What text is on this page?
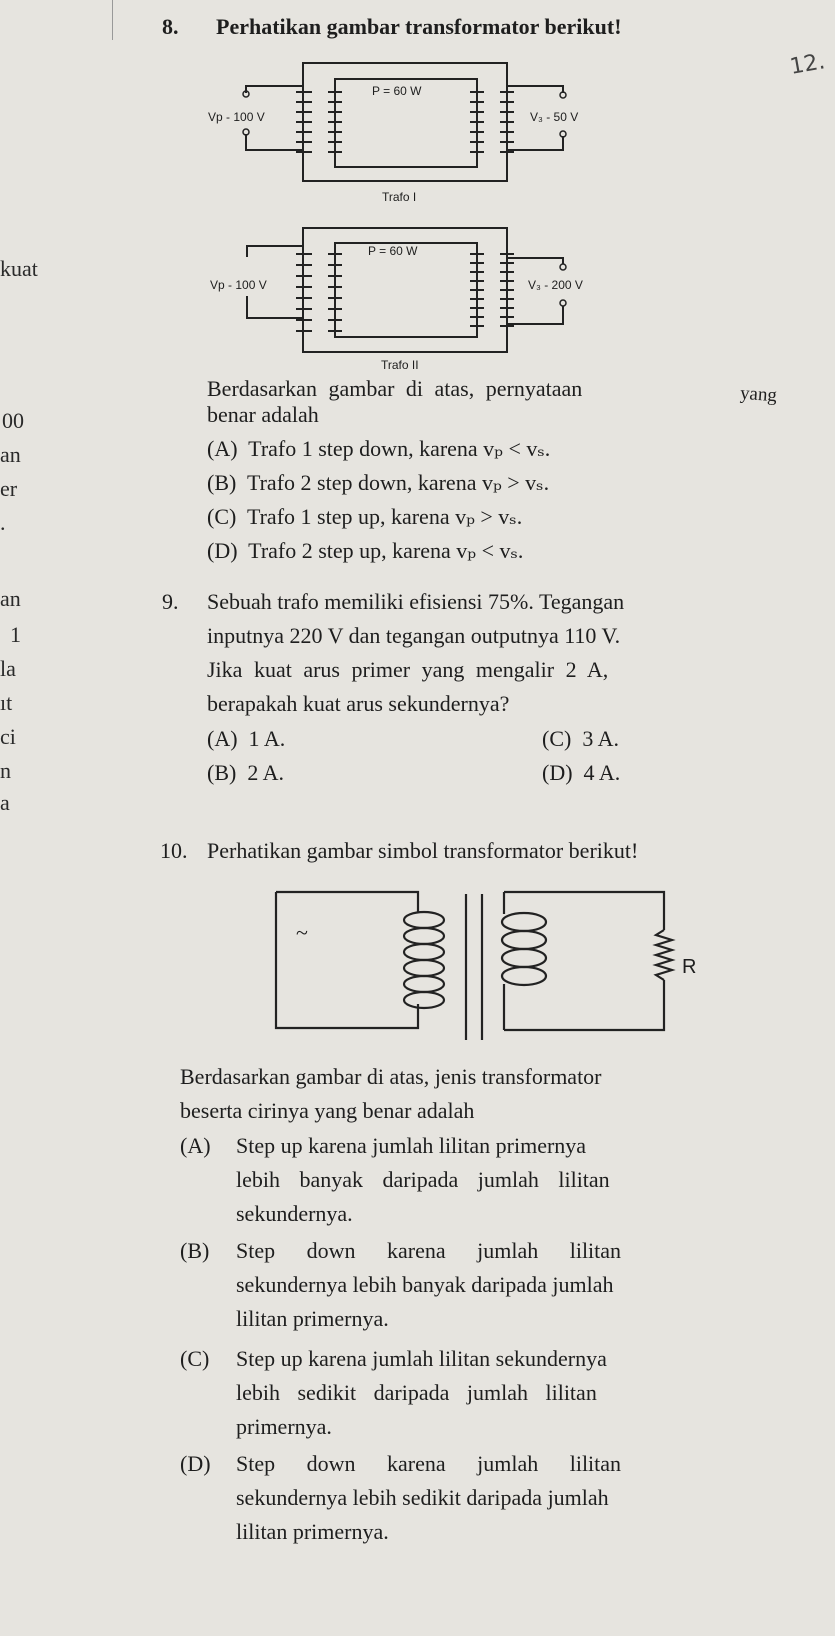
kuat
00
an
er
.
an
1
la
ıt
ci
n
a
12.
8. Perhatikan gambar transformator berikut!
P = 60 W
Vp - 100 V	V₃ - 50 V
Trafo I
P = 60 W
Vp - 100 V	V₃ - 200 V
Trafo II
Berdasarkan gambar di atas, pernyataan	yang
benar adalah
(A) Trafo 1 step down, karena vₚ < vₛ.
(B) Trafo 2 step down, karena vₚ > vₛ.
(C) Trafo 1 step up, karena vₚ > vₛ.
(D) Trafo 2 step up, karena vₚ < vₛ.
9. Sebuah trafo memiliki efisiensi 75%. Tegangan
inputnya 220 V dan tegangan outputnya 110 V.
Jika kuat arus primer yang mengalir 2 A,
berapakah kuat arus sekundernya?
(A) 1 A.
(B) 2 A.
(C) 3 A.
(D) 4 A.
10. Perhatikan gambar simbol transformator berikut!
~
R
Berdasarkan gambar di atas, jenis transformator
beserta cirinya yang benar adalah
(A) Step up karena jumlah lilitan primernya
lebih banyak daripada jumlah lilitan
sekundernya.
(B) Step down karena jumlah lilitan
sekundernya lebih banyak daripada jumlah
lilitan primernya.
(C) Step up karena jumlah lilitan sekundernya
lebih sedikit daripada jumlah lilitan
primernya.
(D) Step down karena jumlah lilitan
sekundernya lebih sedikit daripada jumlah
lilitan primernya.
